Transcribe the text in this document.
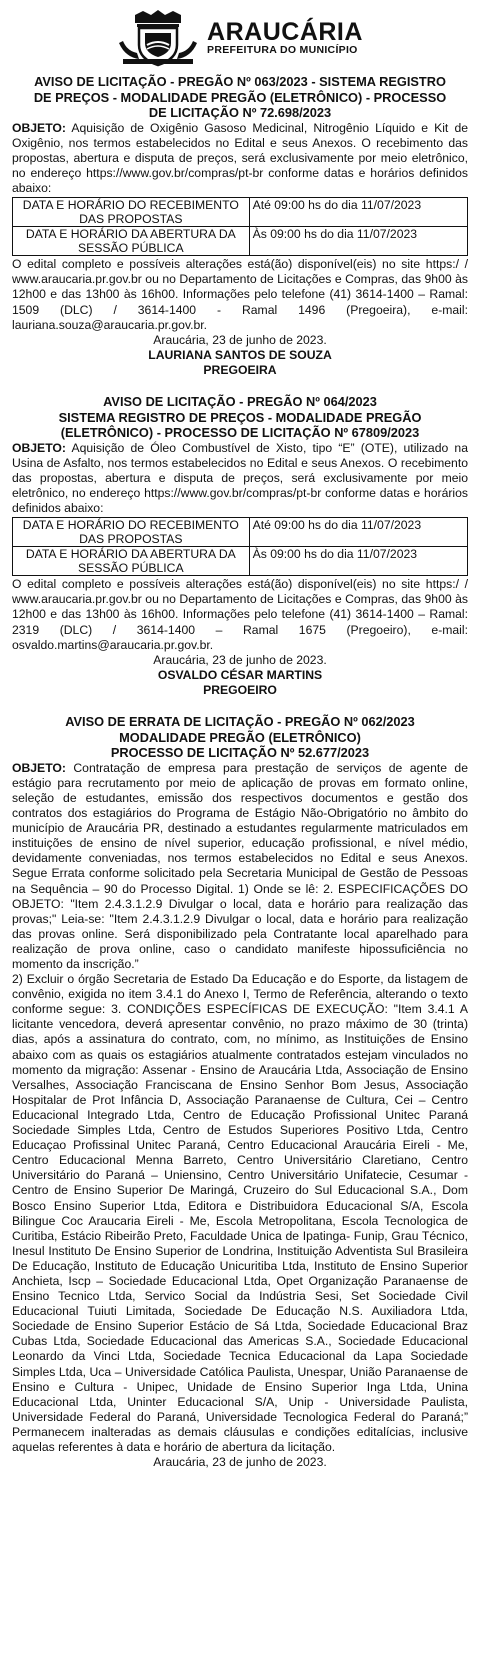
ARAUCÁRIA
PREFEITURA DO MUNICÍPIO
AVISO DE LICITAÇÃO - PREGÃO Nº 063/2023 - SISTEMA REGISTRO
DE PREÇOS - MODALIDADE PREGÃO (ELETRÔNICO) - PROCESSO
DE LICITAÇÃO Nº 72.698/2023
OBJETO: Aquisição de Oxigênio Gasoso Medicinal, Nitrogênio Líquido e Kit de Oxigênio, nos termos estabelecidos no Edital e seus Anexos. O recebimento das propostas, abertura e disputa de preços, será exclusivamente por meio eletrônico, no endereço https://www.gov.br/compras/pt-br conforme datas e horários definidos abaixo:
DATA E HORÁRIO DO RECEBIMENTO DAS PROPOSTAS	Até 09:00 hs do dia 11/07/2023
DATA E HORÁRIO DA ABERTURA DA SESSÃO PÚBLICA	Às 09:00 hs do dia 11/07/2023
O edital completo e possíveis alterações está(ão) disponível(eis) no site https:/ / www.araucaria.pr.gov.br ou no Departamento de Licitações e Compras, das 9h00 às 12h00 e das 13h00 às 16h00. Informações pelo telefone (41) 3614-1400 – Ramal: 1509 (DLC) / 3614-1400 - Ramal 1496 (Pregoeira), e-mail: lauriana.souza@araucaria.pr.gov.br.
Araucária, 23 de junho de 2023.
LAURIANA SANTOS DE SOUZA
PREGOEIRA
AVISO DE LICITAÇÃO - PREGÃO Nº 064/2023
SISTEMA REGISTRO DE PREÇOS - MODALIDADE PREGÃO
(ELETRÔNICO) - PROCESSO DE LICITAÇÃO Nº 67809/2023
OBJETO: Aquisição de Óleo Combustível de Xisto, tipo “E” (OTE), utilizado na Usina de Asfalto, nos termos estabelecidos no Edital e seus Anexos. O recebimento das propostas, abertura e disputa de preços, será exclusivamente por meio eletrônico, no endereço https://www.gov.br/compras/pt-br conforme datas e horários definidos abaixo:
DATA E HORÁRIO DO RECEBIMENTO DAS PROPOSTAS	Até 09:00 hs do dia 11/07/2023
DATA E HORÁRIO DA ABERTURA DA SESSÃO PÚBLICA	Às 09:00 hs do dia 11/07/2023
O edital completo e possíveis alterações está(ão) disponível(eis) no site https:/ / www.araucaria.pr.gov.br ou no Departamento de Licitações e Compras, das 9h00 às 12h00 e das 13h00 às 16h00. Informações pelo telefone (41) 3614-1400 – Ramal: 2319 (DLC) / 3614-1400 – Ramal 1675 (Pregoeiro), e-mail: osvaldo.martins@araucaria.pr.gov.br.
Araucária, 23 de junho de 2023.
OSVALDO CÉSAR MARTINS
PREGOEIRO
AVISO DE ERRATA DE LICITAÇÃO - PREGÃO Nº 062/2023
MODALIDADE PREGÃO (ELETRÔNICO)
PROCESSO DE LICITAÇÃO Nº 52.677/2023
OBJETO: Contratação de empresa para prestação de serviços de agente de estágio para recrutamento por meio de aplicação de provas em formato online, seleção de estudantes, emissão dos respectivos documentos e gestão dos contratos dos estagiários do Programa de Estágio Não-Obrigatório no âmbito do município de Araucária PR, destinado a estudantes regularmente matriculados em instituições de ensino de nível superior, educação profissional, e nível médio, devidamente conveniadas, nos termos estabelecidos no Edital e seus Anexos. Segue Errata conforme solicitado pela Secretaria Municipal de Gestão de Pessoas na Sequência – 90 do Processo Digital. 1) Onde se lê: 2. ESPECIFICAÇÕES DO OBJETO: "Item 2.4.3.1.2.9 Divulgar o local, data e horário para realização das provas;" Leia-se: "Item 2.4.3.1.2.9 Divulgar o local, data e horário para realização das provas online. Será disponibilizado pela Contratante local aparelhado para realização de prova online, caso o candidato manifeste hipossuficiência no momento da inscrição.”
2) Excluir o órgão Secretaria de Estado Da Educação e do Esporte, da listagem de convênio, exigida no item 3.4.1 do Anexo I, Termo de Referência, alterando o texto conforme segue: 3. CONDIÇÕES ESPECÍFICAS DE EXECUÇÃO: "Item 3.4.1 A licitante vencedora, deverá apresentar convênio, no prazo máximo de 30 (trinta) dias, após a assinatura do contrato, com, no mínimo, as Instituições de Ensino abaixo com as quais os estagiários atualmente contratados estejam vinculados no momento da migração: Assenar - Ensino de Araucária Ltda, Associação de Ensino Versalhes, Associação Franciscana de Ensino Senhor Bom Jesus, Associação Hospitalar de Prot Infância D, Associação Paranaense de Cultura, Cei – Centro Educacional Integrado Ltda, Centro de Educação Profissional Unitec Paraná Sociedade Simples Ltda, Centro de Estudos Superiores Positivo Ltda, Centro Educaçao Profissinal Unitec Paraná, Centro Educacional Araucária Eireli - Me, Centro Educacional Menna Barreto, Centro Universitário Claretiano, Centro Universitário do Paraná – Uniensino, Centro Universitário Unifatecie, Cesumar - Centro de Ensino Superior De Maringá, Cruzeiro do Sul Educacional S.A., Dom Bosco Ensino Superior Ltda, Editora e Distribuidora Educacional S/A, Escola Bilingue Coc Araucaria Eireli - Me, Escola Metropolitana, Escola Tecnologica de Curitiba, Estácio Ribeirão Preto, Faculdade Unica de Ipatinga- Funip, Grau Técnico, Inesul Instituto De Ensino Superior de Londrina, Instituição Adventista Sul Brasileira De Educação, Instituto de Educação Unicuritiba Ltda, Instituto de Ensino Superior Anchieta, Iscp – Sociedade Educacional Ltda, Opet Organização Paranaense de Ensino Tecnico Ltda, Servico Social da Indústria Sesi, Set Sociedade Civil Educacional Tuiuti Limitada, Sociedade De Educação N.S. Auxiliadora Ltda, Sociedade de Ensino Superior Estácio de Sá Ltda, Sociedade Educacional Braz Cubas Ltda, Sociedade Educacional das Americas S.A., Sociedade Educacional Leonardo da Vinci Ltda, Sociedade Tecnica Educacional da Lapa Sociedade Simples Ltda, Uca – Universidade Católica Paulista, Unespar, União Paranaense de Ensino e Cultura - Unipec, Unidade de Ensino Superior Inga Ltda, Unina Educacional Ltda, Uninter Educacional S/A, Unip - Universidade Paulista, Universidade Federal do Paraná, Universidade Tecnologica Federal do Paraná;” Permanecem inalteradas as demais cláusulas e condições editalícias, inclusive aquelas referentes à data e horário de abertura da licitação.
Araucária, 23 de junho de 2023.
